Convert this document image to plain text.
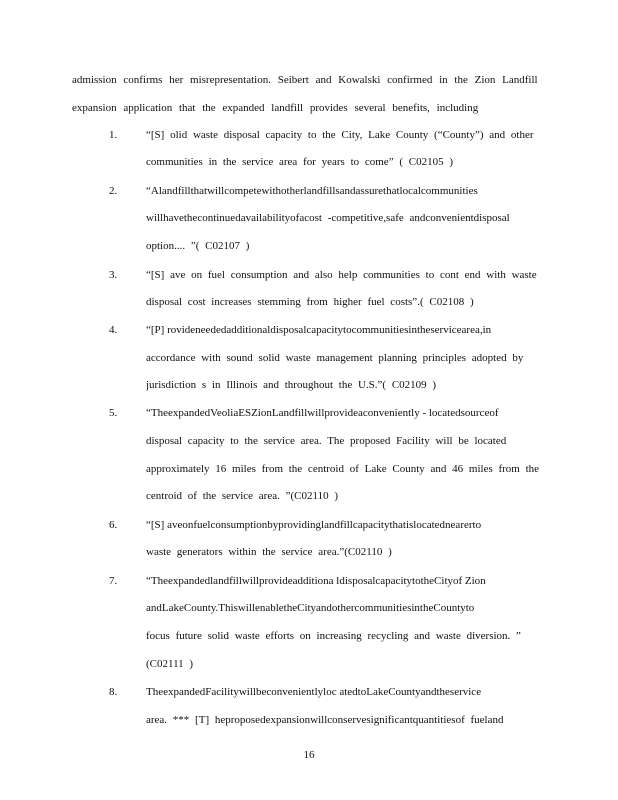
admission confirms her misrepresentation. Seibert and Kowalski confirmed in the Zion Landfill
expansion application that the expanded landfill provides several benefits, including
1.	“[S] olid waste disposal capacity to the City, Lake County (“County”) and other
communities in the service area for years to come” ( C02105 )
2.	“Alandfillthatwillcompetewithotherlandfillsandassurethatlocalcommunities
willhavethecontinuedavailabilityofacost -competitive,safe andconvenientdisposal
option.... ”( C02107 )
3.	“[S] ave on fuel consumption and also help communities to cont end with waste
disposal cost increases stemming from higher fuel costs”.( C02108 )
4.	“[P] rovideneededadditionaldisposalcapacitytocommunitiesintheservicearea,in
accordance with sound solid waste management planning principles adopted by
jurisdiction s in Illinois and throughout the U.S.”( C02109 )
5.	“TheexpandedVeoliaESZionLandfillwillprovideaconveniently - locatedsourceof
disposal capacity to the service area. The proposed Facility will be located
approximately 16 miles from the centroid of Lake County and 46 miles from the
centroid of the service area. ”(C02110 )
6.	“[S] aveonfuelconsumptionbyprovidinglandfillcapacitythatislocatednearerto
waste generators within the service area.”(C02110 )
7.	“Theexpandedlandfillwillprovideadditiona ldisposalcapacitytotheCityof Zion
andLakeCounty.ThiswillenabletheCityandothercommunitiesintheCountyto
focus future solid waste efforts on increasing recycling and waste diversion. ”
(C02111 )
8.	TheexpandedFacilitywillbeconvenientlyloc atedtoLakeCountyandtheservice
area. *** [T] heproposedexpansionwillconservesignificantquantitiesof fueland
16
